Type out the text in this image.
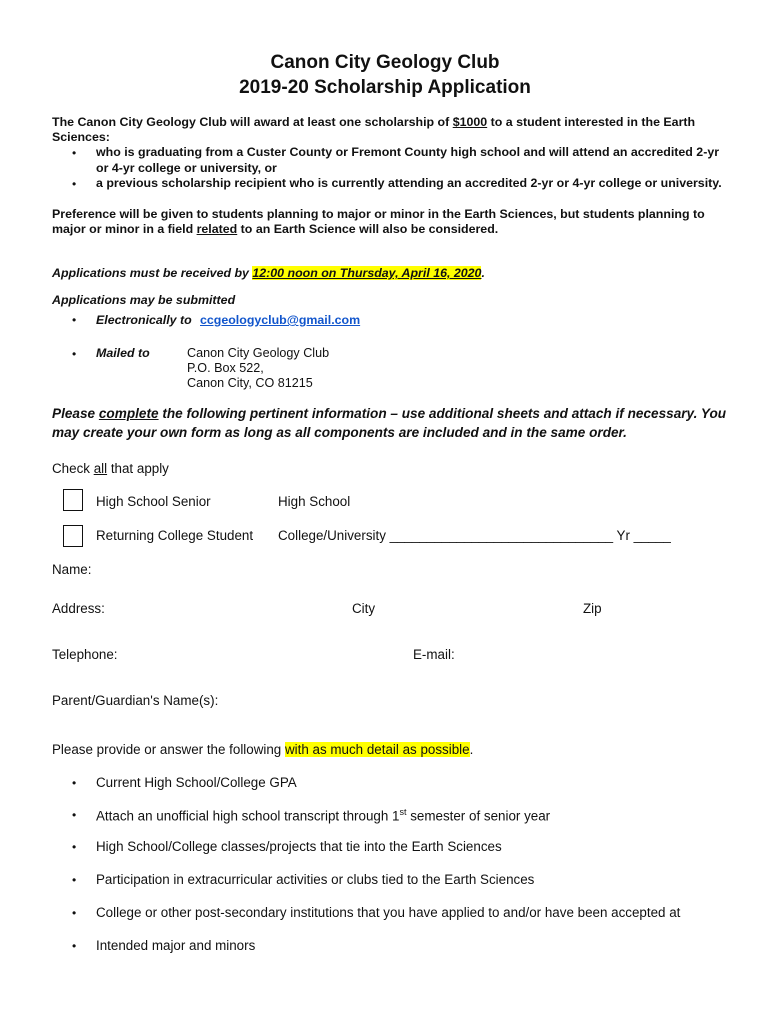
Canon City Geology Club
2019-20 Scholarship Application
The Canon City Geology Club will award at least one scholarship of $1000 to a student interested in the Earth
Sciences:
• who is graduating from a Custer County or Fremont County high school and will attend an accredited 2-yr
or 4-yr college or university, or
• a previous scholarship recipient who is currently attending an accredited 2-yr or 4-yr college or university.
Preference will be given to students planning to major or minor in the Earth Sciences, but students planning to
major or minor in a field related to an Earth Science will also be considered.
Applications must be received by 12:00 noon on Thursday, April 16, 2020.
Applications may be submitted
• Electronically to ccgeologyclub@gmail.com
• Mailed to	Canon City Geology Club
P.O. Box 522,
Canon City, CO 81215
Please complete the following pertinent information – use additional sheets and attach if necessary. You
may create your own form as long as all components are included and in the same order.
Check all that apply
High School Senior	High School
Returning College Student College/University ______________________________ Yr _____
Name:
Address:	City	Zip
Telephone:	E-mail:
Parent/Guardian's Name(s):
Please provide or answer the following with as much detail as possible.
• Current High School/College GPA
• Attach an unofficial high school transcript through 1st semester of senior year
• High School/College classes/projects that tie into the Earth Sciences
• Participation in extracurricular activities or clubs tied to the Earth Sciences
• College or other post-secondary institutions that you have applied to and/or have been accepted at
• Intended major and minors
